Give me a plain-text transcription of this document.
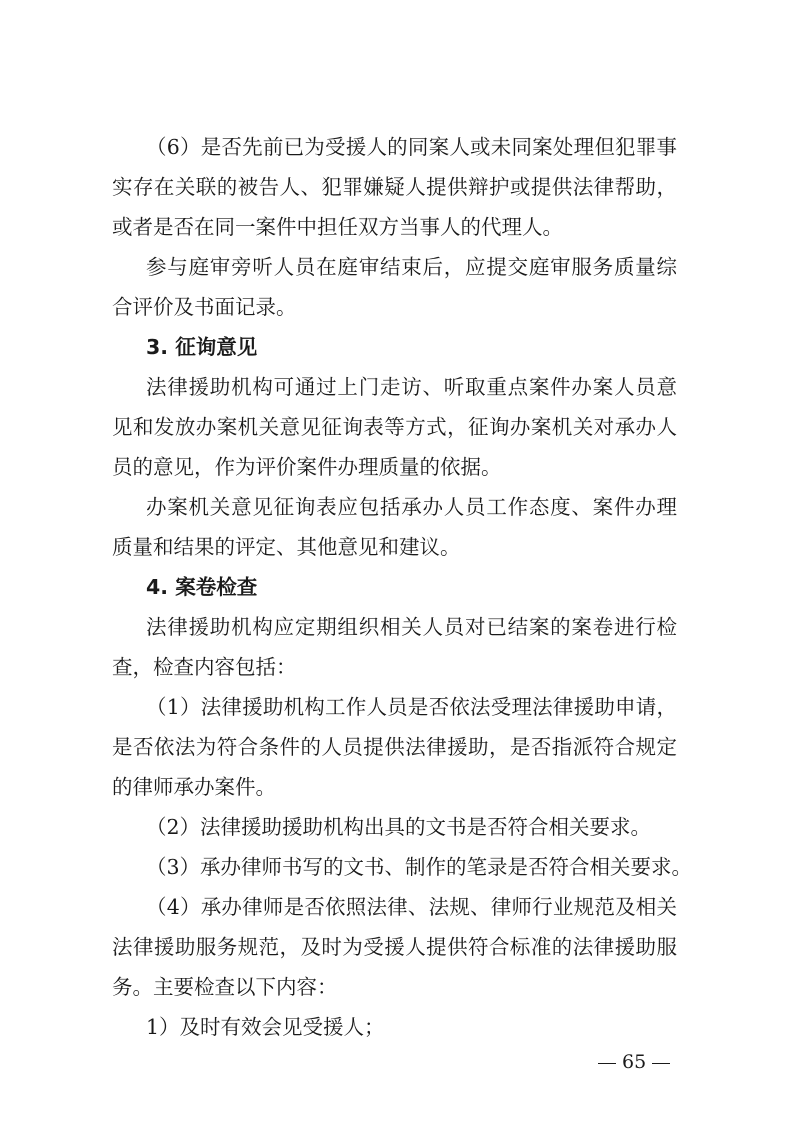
（6）是否先前已为受援人的同案人或未同案处理但犯罪事
实存在关联的被告人、犯罪嫌疑人提供辩护或提供法律帮助，
或者是否在同一案件中担任双方当事人的代理人。
参与庭审旁听人员在庭审结束后，应提交庭审服务质量综
合评价及书面记录。
3. 征询意见
法律援助机构可通过上门走访、听取重点案件办案人员意
见和发放办案机关意见征询表等方式，征询办案机关对承办人
员的意见，作为评价案件办理质量的依据。
办案机关意见征询表应包括承办人员工作态度、案件办理
质量和结果的评定、其他意见和建议。
4. 案卷检查
法律援助机构应定期组织相关人员对已结案的案卷进行检
查，检查内容包括：
（1）法律援助机构工作人员是否依法受理法律援助申请，
是否依法为符合条件的人员提供法律援助，是否指派符合规定
的律师承办案件。
（2）法律援助援助机构出具的文书是否符合相关要求。
（3）承办律师书写的文书、制作的笔录是否符合相关要求。
（4）承办律师是否依照法律、法规、律师行业规范及相关
法律援助服务规范，及时为受援人提供符合标准的法律援助服
务。主要检查以下内容：
1）及时有效会见受援人；
65
